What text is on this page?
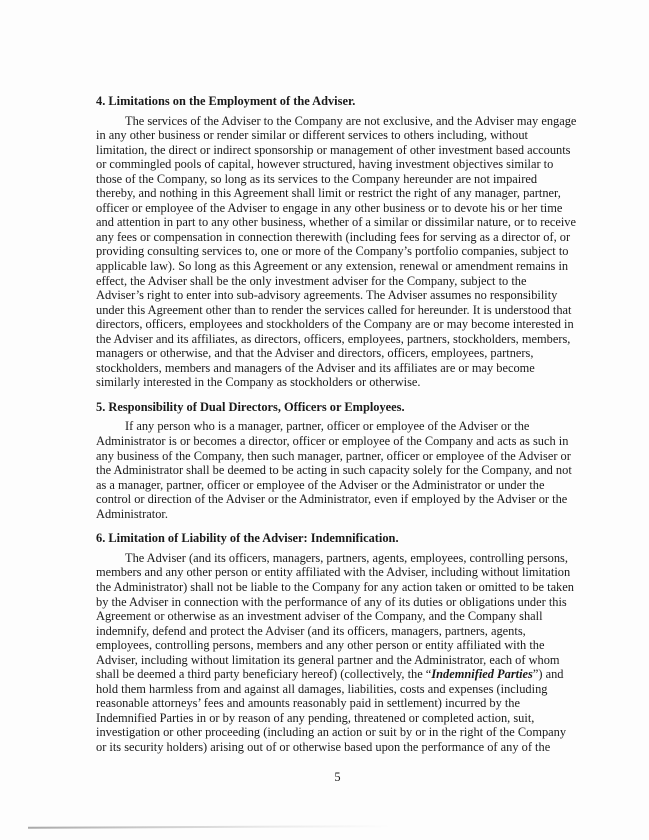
4. Limitations on the Employment of the Adviser.
The services of the Adviser to the Company are not exclusive, and the Adviser may engage
in any other business or render similar or different services to others including, without
limitation, the direct or indirect sponsorship or management of other investment based accounts
or commingled pools of capital, however structured, having investment objectives similar to
those of the Company, so long as its services to the Company hereunder are not impaired
thereby, and nothing in this Agreement shall limit or restrict the right of any manager, partner,
officer or employee of the Adviser to engage in any other business or to devote his or her time
and attention in part to any other business, whether of a similar or dissimilar nature, or to receive
any fees or compensation in connection therewith (including fees for serving as a director of, or
providing consulting services to, one or more of the Company’s portfolio companies, subject to
applicable law). So long as this Agreement or any extension, renewal or amendment remains in
effect, the Adviser shall be the only investment adviser for the Company, subject to the
Adviser’s right to enter into sub-advisory agreements. The Adviser assumes no responsibility
under this Agreement other than to render the services called for hereunder. It is understood that
directors, officers, employees and stockholders of the Company are or may become interested in
the Adviser and its affiliates, as directors, officers, employees, partners, stockholders, members,
managers or otherwise, and that the Adviser and directors, officers, employees, partners,
stockholders, members and managers of the Adviser and its affiliates are or may become
similarly interested in the Company as stockholders or otherwise.
5. Responsibility of Dual Directors, Officers or Employees.
If any person who is a manager, partner, officer or employee of the Adviser or the
Administrator is or becomes a director, officer or employee of the Company and acts as such in
any business of the Company, then such manager, partner, officer or employee of the Adviser or
the Administrator shall be deemed to be acting in such capacity solely for the Company, and not
as a manager, partner, officer or employee of the Adviser or the Administrator or under the
control or direction of the Adviser or the Administrator, even if employed by the Adviser or the
Administrator.
6. Limitation of Liability of the Adviser: Indemnification.
The Adviser (and its officers, managers, partners, agents, employees, controlling persons,
members and any other person or entity affiliated with the Adviser, including without limitation
the Administrator) shall not be liable to the Company for any action taken or omitted to be taken
by the Adviser in connection with the performance of any of its duties or obligations under this
Agreement or otherwise as an investment adviser of the Company, and the Company shall
indemnify, defend and protect the Adviser (and its officers, managers, partners, agents,
employees, controlling persons, members and any other person or entity affiliated with the
Adviser, including without limitation its general partner and the Administrator, each of whom
shall be deemed a third party beneficiary hereof) (collectively, the “Indemnified Parties”) and
hold them harmless from and against all damages, liabilities, costs and expenses (including
reasonable attorneys’ fees and amounts reasonably paid in settlement) incurred by the
Indemnified Parties in or by reason of any pending, threatened or completed action, suit,
investigation or other proceeding (including an action or suit by or in the right of the Company
or its security holders) arising out of or otherwise based upon the performance of any of the
5
